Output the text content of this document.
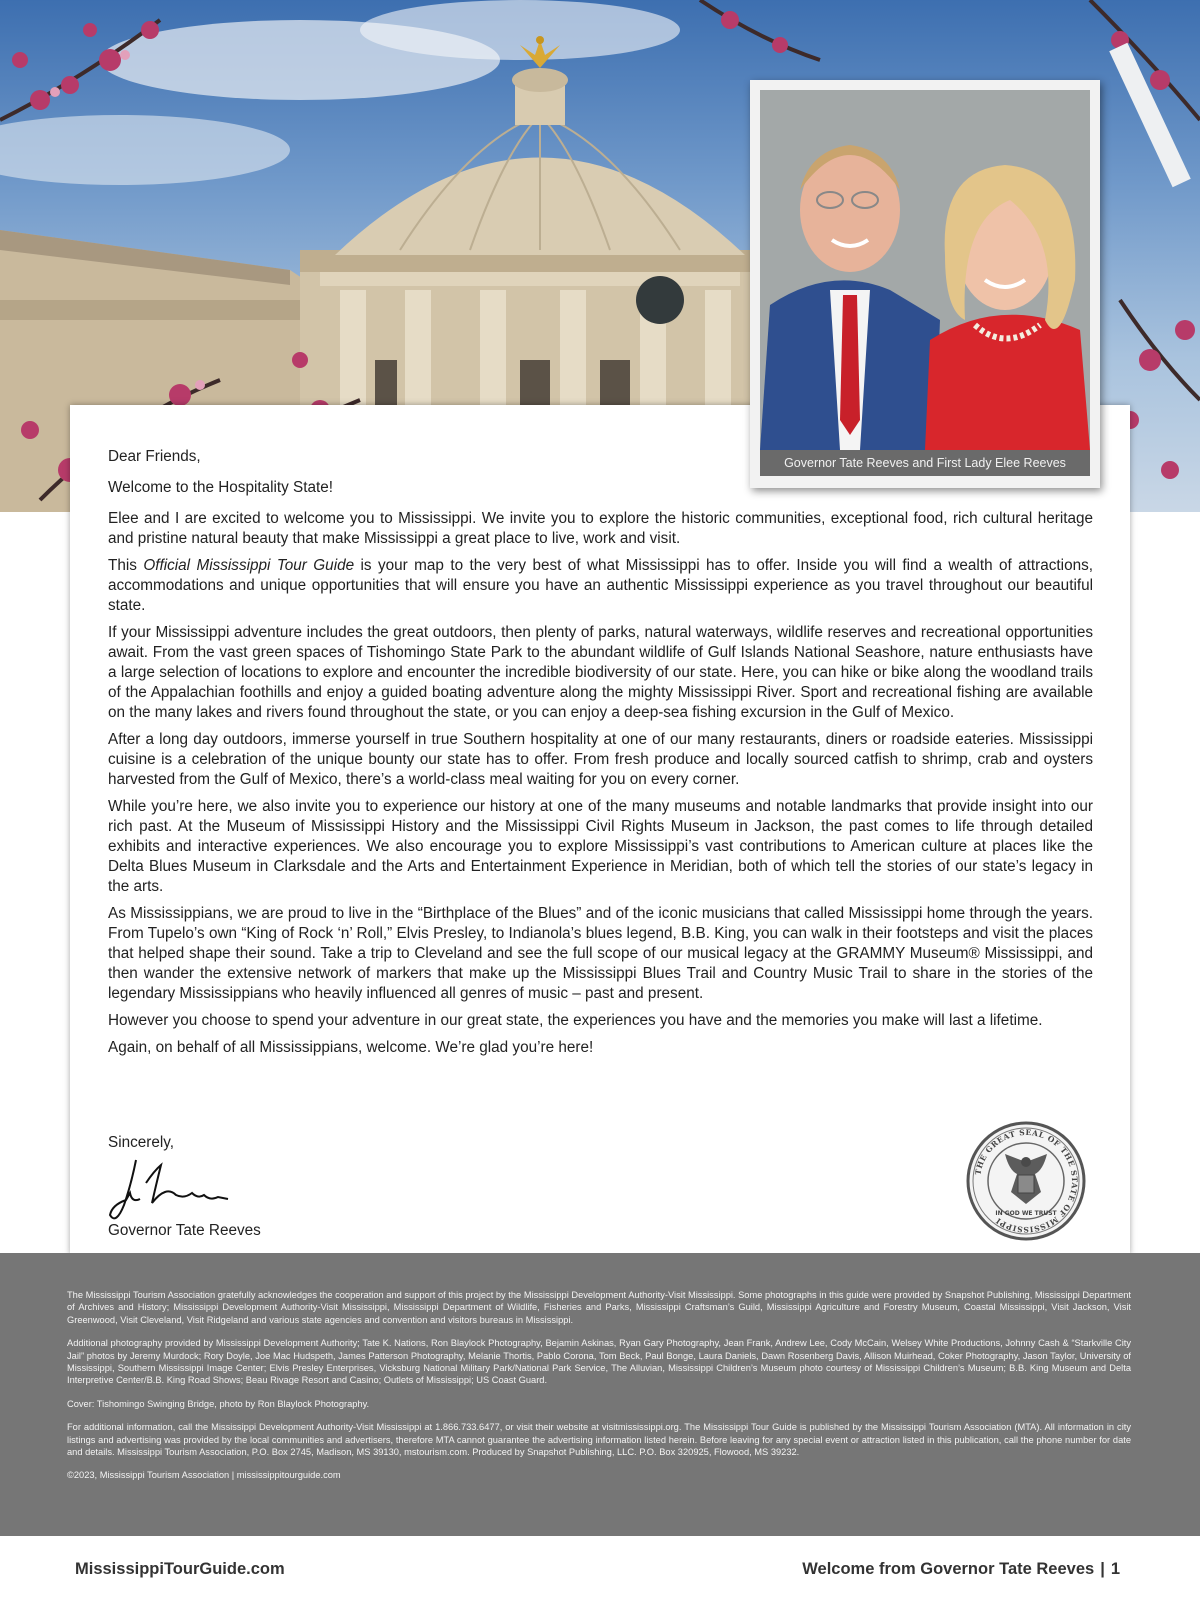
Governor Tate Reeves and First Lady Elee Reeves

Dear Friends,

Welcome to the Hospitality State!

Elee and I are excited to welcome you to Mississippi. We invite you to explore the historic communities, exceptional food, rich cultural heritage and pristine natural beauty that make Mississippi a great place to live, work and visit.

This Official Mississippi Tour Guide is your map to the very best of what Mississippi has to offer. Inside you will find a wealth of attractions, accommodations and unique opportunities that will ensure you have an authentic Mississippi experience as you travel throughout our beautiful state.

If your Mississippi adventure includes the great outdoors, then plenty of parks, natural waterways, wildlife reserves and recreational opportunities await. From the vast green spaces of Tishomingo State Park to the abundant wildlife of Gulf Islands National Seashore, nature enthusiasts have a large selection of locations to explore and encounter the incredible biodiversity of our state. Here, you can hike or bike along the woodland trails of the Appalachian foothills and enjoy a guided boating adventure along the mighty Mississippi River. Sport and recreational fishing are available on the many lakes and rivers found throughout the state, or you can enjoy a deep-sea fishing excursion in the Gulf of Mexico.

After a long day outdoors, immerse yourself in true Southern hospitality at one of our many restaurants, diners or roadside eateries. Mississippi cuisine is a celebration of the unique bounty our state has to offer. From fresh produce and locally sourced catfish to shrimp, crab and oysters harvested from the Gulf of Mexico, there’s a world-class meal waiting for you on every corner.

While you’re here, we also invite you to experience our history at one of the many museums and notable landmarks that provide insight into our rich past. At the Museum of Mississippi History and the Mississippi Civil Rights Museum in Jackson, the past comes to life through detailed exhibits and interactive experiences. We also encourage you to explore Mississippi’s vast contributions to American culture at places like the Delta Blues Museum in Clarksdale and the Arts and Entertainment Experience in Meridian, both of which tell the stories of our state’s legacy in the arts.

As Mississippians, we are proud to live in the “Birthplace of the Blues” and of the iconic musicians that called Mississippi home through the years. From Tupelo’s own “King of Rock ‘n’ Roll,” Elvis Presley, to Indianola’s blues legend, B.B. King, you can walk in their footsteps and visit the places that helped shape their sound. Take a trip to Cleveland and see the full scope of our musical legacy at the GRAMMY Museum® Mississippi, and then wander the extensive network of markers that make up the Mississippi Blues Trail and Country Music Trail to share in the stories of the legendary Mississippians who heavily influenced all genres of music – past and present.

However you choose to spend your adventure in our great state, the experiences you have and the memories you make will last a lifetime.

Again, on behalf of all Mississippians, welcome. We’re glad you’re here!

Sincerely,
Governor Tate Reeves
THE GREAT SEAL OF THE STATE OF MISSISSIPPI
IN GOD WE TRUST

The Mississippi Tourism Association gratefully acknowledges the cooperation and support of this project by the Mississippi Development Authority-Visit Mississippi. Some photographs in this guide were provided by Snapshot Publishing, Mississippi Department of Archives and History; Mississippi Development Authority-Visit Mississippi, Mississippi Department of Wildlife, Fisheries and Parks, Mississippi Craftsman’s Guild, Mississippi Agriculture and Forestry Museum, Coastal Mississippi, Visit Jackson, Visit Greenwood, Visit Cleveland, Visit Ridgeland and various state agencies and convention and visitors bureaus in Mississippi.

Additional photography provided by Mississippi Development Authority; Tate K. Nations, Ron Blaylock Photography, Bejamin Askinas, Ryan Gary Photography, Jean Frank, Andrew Lee, Cody McCain, Welsey White Productions, Johnny Cash & “Starkville City Jail” photos by Jeremy Murdock; Rory Doyle, Joe Mac Hudspeth, James Patterson Photography, Melanie Thortis, Pablo Corona, Tom Beck, Paul Bonge, Laura Daniels, Dawn Rosenberg Davis, Allison Muirhead, Coker Photography, Jason Taylor, University of Mississippi, Southern Mississippi Image Center; Elvis Presley Enterprises, Vicksburg National Military Park/National Park Service, The Alluvian, Mississippi Children’s Museum photo courtesy of Mississippi Children’s Museum; B.B. King Museum and Delta Interpretive Center/B.B. King Road Shows; Beau Rivage Resort and Casino; Outlets of Mississippi; US Coast Guard.

Cover: Tishomingo Swinging Bridge, photo by Ron Blaylock Photography.

For additional information, call the Mississippi Development Authority-Visit Mississippi at 1.866.733.6477, or visit their website at visitmississippi.org. The Mississippi Tour Guide is published by the Mississippi Tourism Association (MTA). All information in city listings and advertising was provided by the local communities and advertisers, therefore MTA cannot guarantee the advertising information listed herein. Before leaving for any special event or attraction listed in this publication, call the phone number for date and details. Mississippi Tourism Association, P.O. Box 2745, Madison, MS 39130, mstourism.com. Produced by Snapshot Publishing, LLC. P.O. Box 320925, Flowood, MS 39232.

©2023, Mississippi Tourism Association | mississippitourguide.com

MississippiTourGuide.com	Welcome from Governor Tate Reeves | 1
